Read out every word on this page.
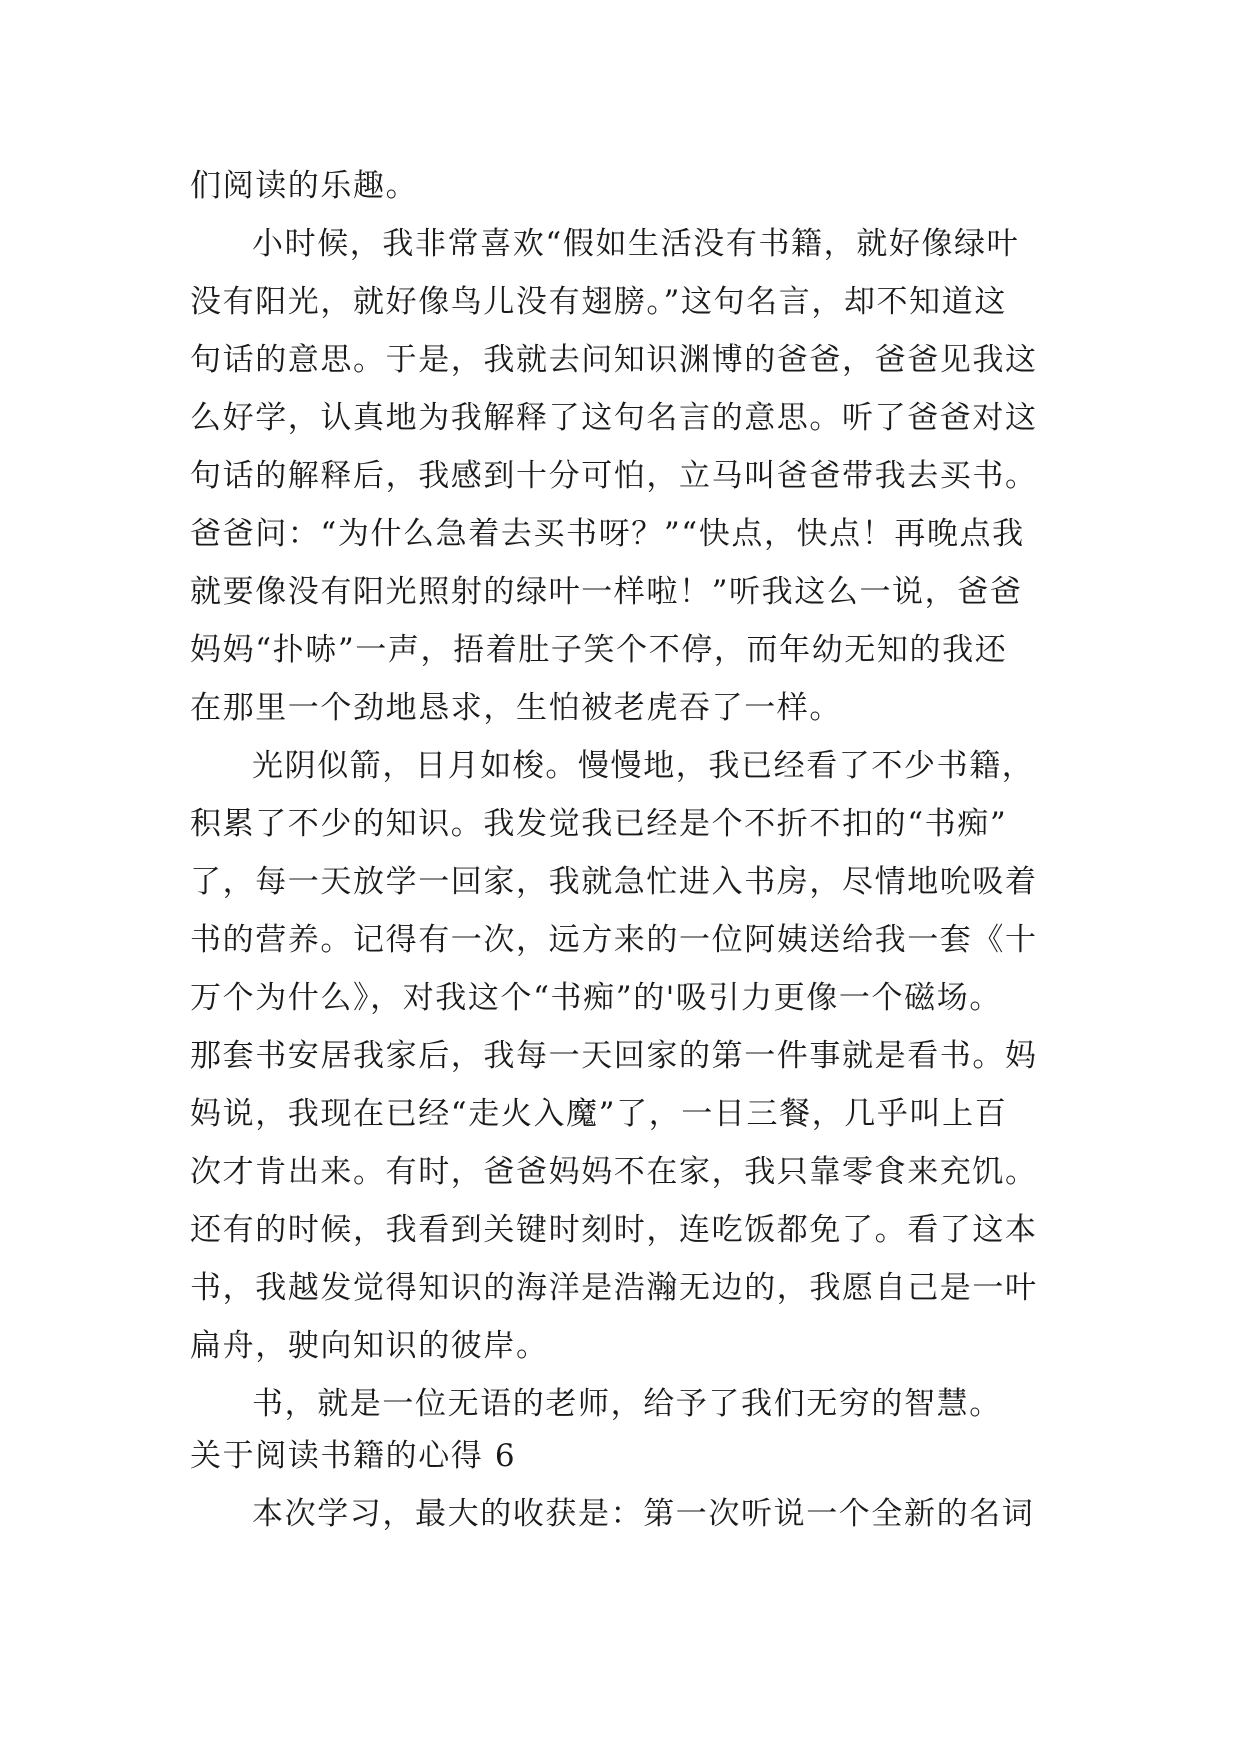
们阅读的乐趣。
小时候，我非常喜欢“假如生活没有书籍，就好像绿叶
没有阳光，就好像鸟儿没有翅膀。”这句名言，却不知道这
句话的意思。于是，我就去问知识渊博的爸爸，爸爸见我这
么好学，认真地为我解释了这句名言的意思。听了爸爸对这
句话的解释后，我感到十分可怕，立马叫爸爸带我去买书。
爸爸问：“为什么急着去买书呀？”“快点，快点！再晚点我
就要像没有阳光照射的绿叶一样啦！”听我这么一说，爸爸
妈妈“扑哧”一声，捂着肚子笑个不停，而年幼无知的我还
在那里一个劲地恳求，生怕被老虎吞了一样。
光阴似箭，日月如梭。慢慢地，我已经看了不少书籍，
积累了不少的知识。我发觉我已经是个不折不扣的“书痴”
了，每一天放学一回家，我就急忙进入书房，尽情地吮吸着
书的营养。记得有一次，远方来的一位阿姨送给我一套《十
万个为什么》，对我这个“书痴”的'吸引力更像一个磁场。
那套书安居我家后，我每一天回家的第一件事就是看书。妈
妈说，我现在已经“走火入魔”了，一日三餐，几乎叫上百
次才肯出来。有时，爸爸妈妈不在家，我只靠零食来充饥。
还有的时候，我看到关键时刻时，连吃饭都免了。看了这本
书，我越发觉得知识的海洋是浩瀚无边的，我愿自己是一叶
扁舟，驶向知识的彼岸。
书，就是一位无语的老师，给予了我们无穷的智慧。
关于阅读书籍的心得 6
本次学习，最大的收获是：第一次听说一个全新的名词
